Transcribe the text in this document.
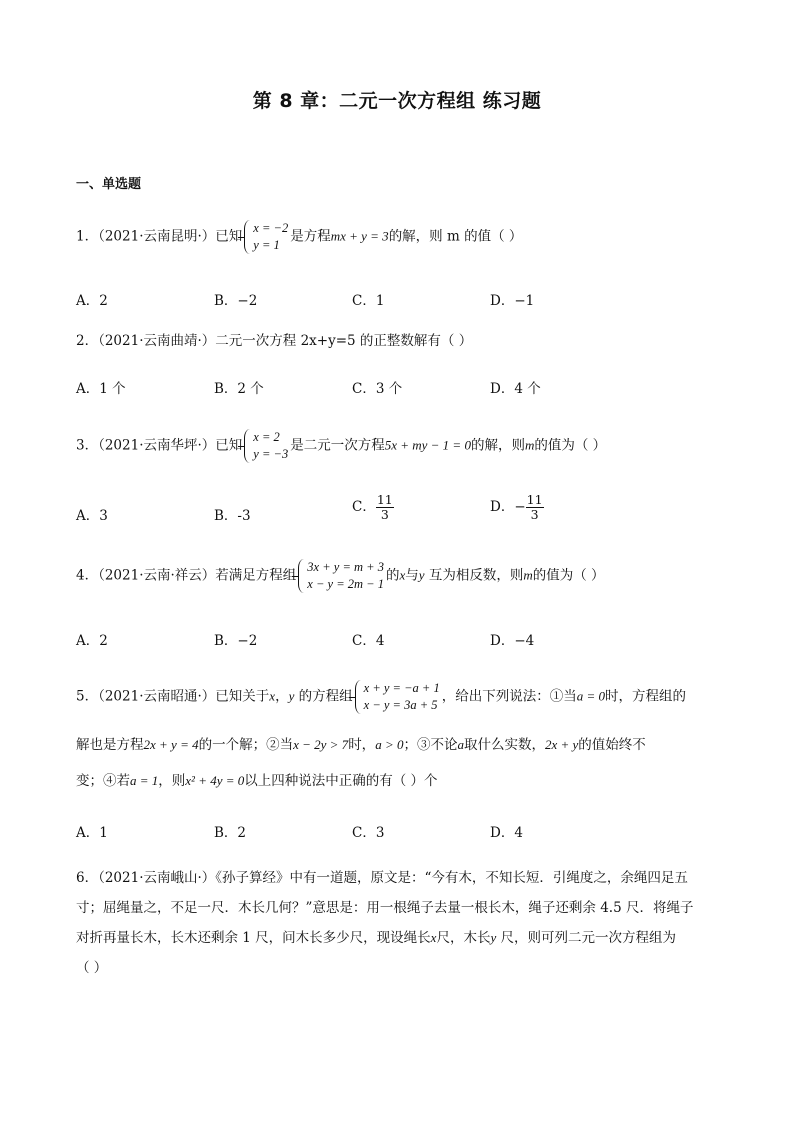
第 8 章：二元一次方程组 练习题
一、单选题
1．（2021·云南昆明·）已知
x = −2
y = 1
是方程mx + y = 3的解，则 m 的值（ ）
A．2	B．−2	C．1	D．−1
2．（2021·云南曲靖·）二元一次方程 2x+y=5 的正整数解有（ ）
A．1 个	B．2 个	C．3 个	D．4 个
3．（2021·云南华坪·）已知
x = 2
y = −3
是二元一次方程5x + my − 1 = 0的解，则m的值为（ ）
A．3	B．-3
C． $\frac{11}{3}$	D．− $\frac{11}{3}$
4．（2021·云南·祥云）若满足方程组
3x + y = m + 3
x − y = 2m − 1
的x与y 互为相反数，则m的值为（ ）
A．2	B．−2	C．4	D．−4
5．（2021·云南昭通·）已知关于x，y 的方程组
x + y = −a + 1
x − y = 3a + 5
，给出下列说法：①当a = 0时，方程组的
解也是方程2x + y = 4的一个解；②当x − 2y > 7时，a > 0；③不论a取什么实数，2x + y的值始终不
变；④若a = 1，则x² + 4y = 0以上四种说法中正确的有（ ）个
A．1	B．2	C．3	D．4
6．（2021·云南峨山·）《孙子算经》中有一道题，原文是：“今有木，不知长短．引绳度之，余绳四足五
寸；屈绳量之，不足一尺．木长几何？”意思是：用一根绳子去量一根长木，绳子还剩余 4.5 尺．将绳子
对折再量长木，长木还剩余 1 尺，问木长多少尺，现设绳长x尺，木长y 尺，则可列二元一次方程组为
（ ）
